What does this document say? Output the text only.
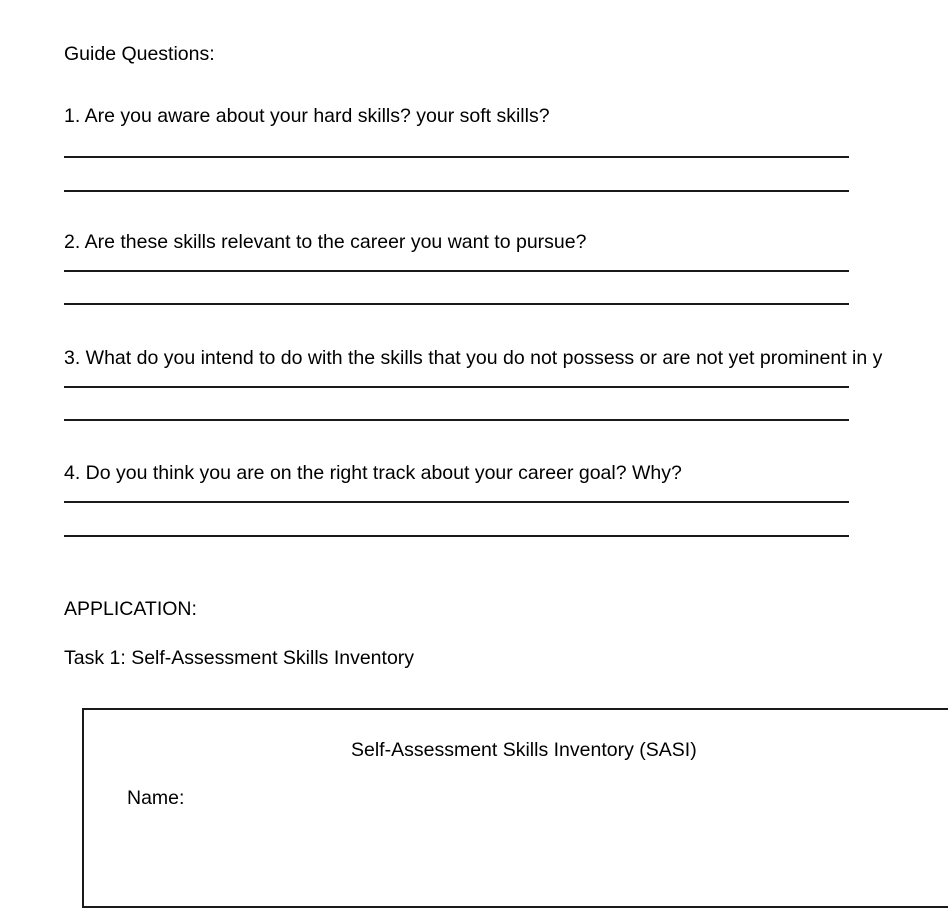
Guide Questions:
1. Are you aware about your hard skills? your soft skills?
2. Are these skills relevant to the career you want to pursue?
3. What do you intend to do with the skills that you do not possess or are not yet prominent in y
4. Do you think you are on the right track about your career goal? Why?
APPLICATION:
Task 1: Self-Assessment Skills Inventory
Self-Assessment Skills Inventory (SASI)
Name:
